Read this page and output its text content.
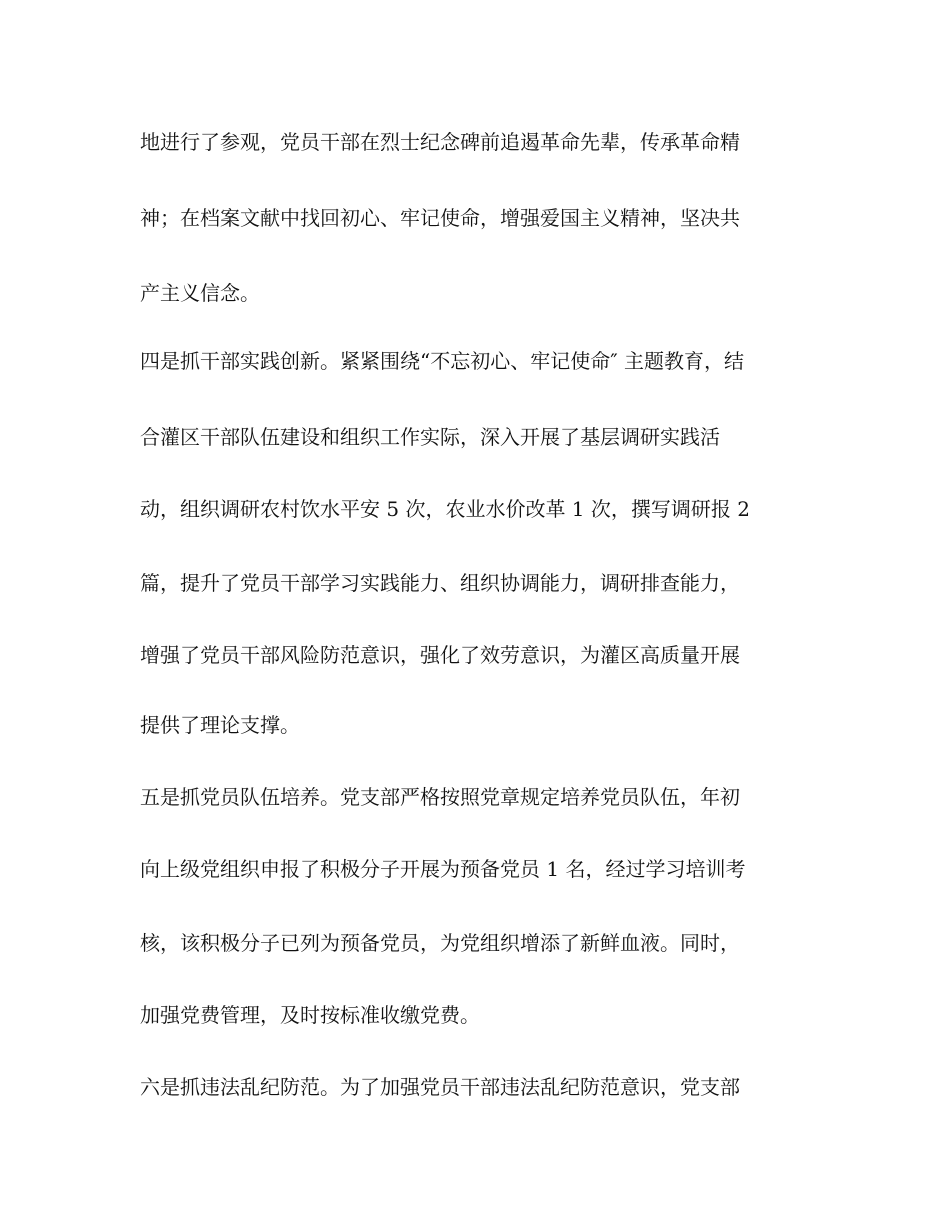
地进行了参观，党员干部在烈士纪念碑前追遏革命先辈，传承革命精

神；在档案文献中找回初心、牢记使命，增强爱国主义精神，坚决共

产主义信念。

四是抓干部实践创新。紧紧围绕“不忘初心、牢记使命″ 主题教育，结

合灌区干部队伍建设和组织工作实际，深入开展了基层调研实践活

动，组织调研农村饮水平安 5 次，农业水价改革 1 次，撰写调研报 2

篇，提升了党员干部学习实践能力、组织协调能力，调研排查能力，

增强了党员干部风险防范意识，强化了效劳意识，为灌区高质量开展

提供了理论支撑。

五是抓党员队伍培养。党支部严格按照党章规定培养党员队伍，年初

向上级党组织申报了积极分子开展为预备党员 1 名，经过学习培训考

核，该积极分子已列为预备党员，为党组织增添了新鲜血液。同时，

加强党费管理，及时按标准收缴党费。

六是抓违法乱纪防范。为了加强党员干部违法乱纪防范意识，党支部
